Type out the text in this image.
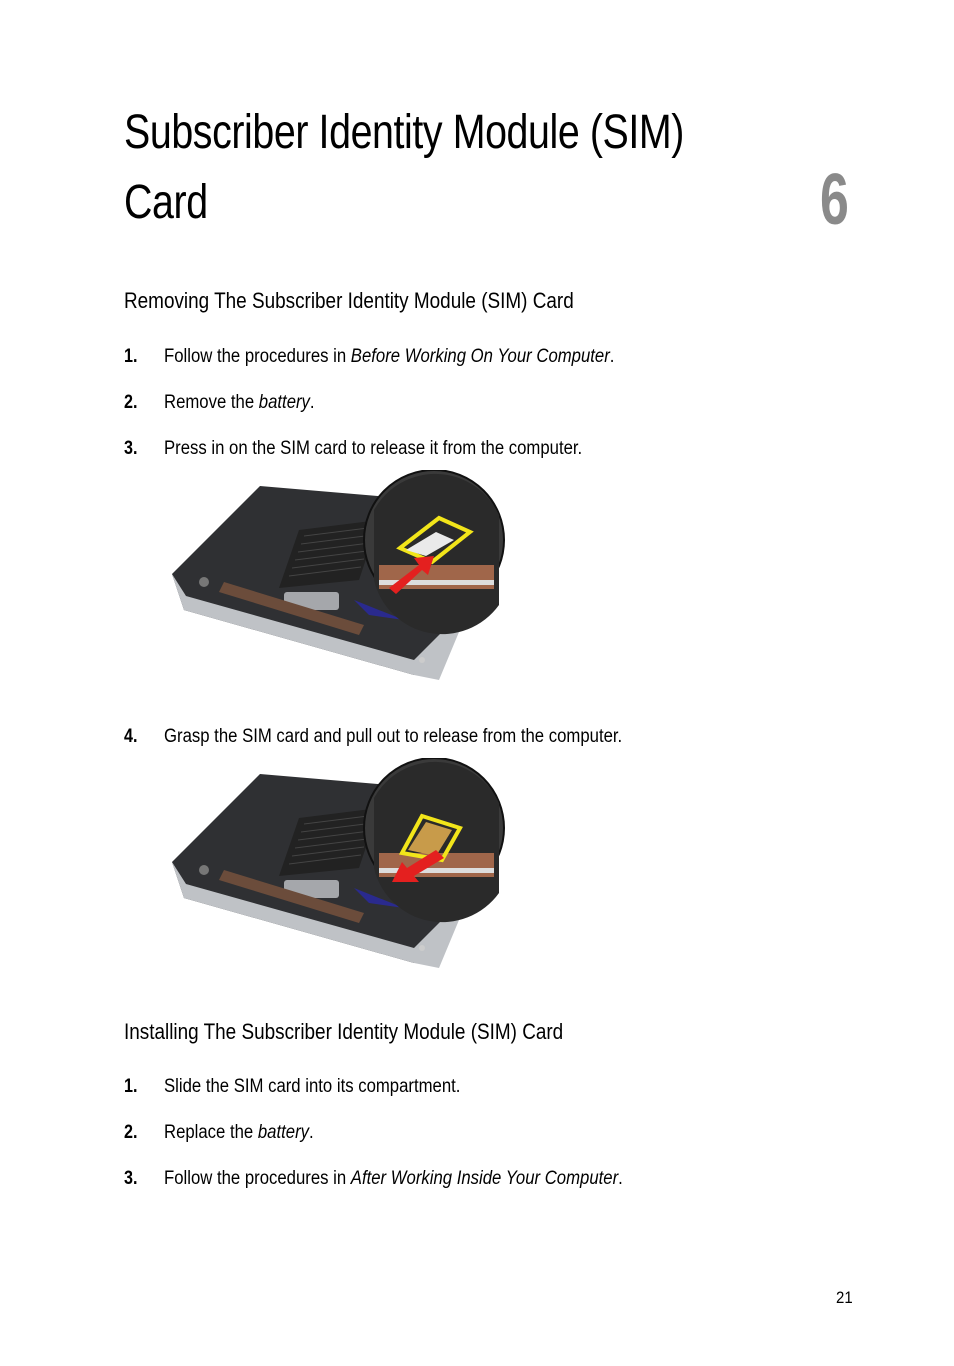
Subscriber Identity Module (SIM) Card	6
Removing The Subscriber Identity Module (SIM) Card
1. Follow the procedures in Before Working On Your Computer.
2. Remove the battery.
3. Press in on the SIM card to release it from the computer.
4. Grasp the SIM card and pull out to release from the computer.
Installing The Subscriber Identity Module (SIM) Card
1. Slide the SIM card into its compartment.
2. Replace the battery.
3. Follow the procedures in After Working Inside Your Computer.
21
